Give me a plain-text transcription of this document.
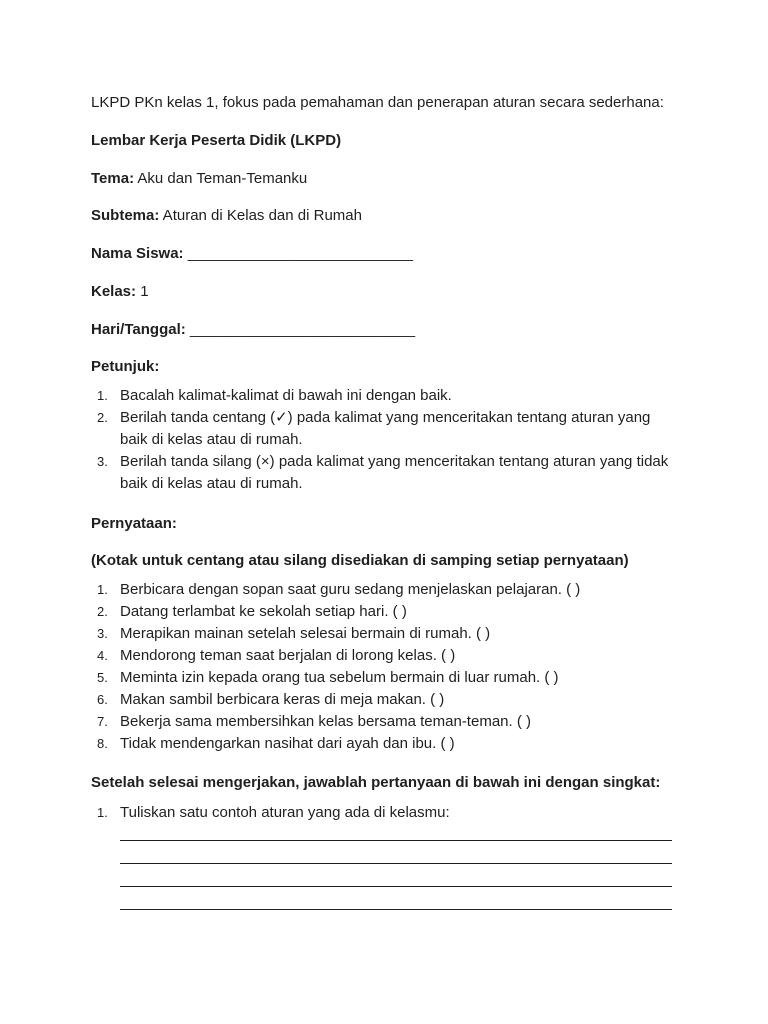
LKPD PKn kelas 1, fokus pada pemahaman dan penerapan aturan secara sederhana:

Lembar Kerja Peserta Didik (LKPD)

Tema: Aku dan Teman-Temanku

Subtema: Aturan di Kelas dan di Rumah

Nama Siswa: ___________________________

Kelas: 1

Hari/Tanggal: ___________________________

Petunjuk:

1. Bacalah kalimat-kalimat di bawah ini dengan baik.
2. Berilah tanda centang (✓) pada kalimat yang menceritakan tentang aturan yang baik di kelas atau di rumah.
3. Berilah tanda silang (×) pada kalimat yang menceritakan tentang aturan yang tidak baik di kelas atau di rumah.

Pernyataan:

(Kotak untuk centang atau silang disediakan di samping setiap pernyataan)

1. Berbicara dengan sopan saat guru sedang menjelaskan pelajaran. ( )
2. Datang terlambat ke sekolah setiap hari. ( )
3. Merapikan mainan setelah selesai bermain di rumah. ( )
4. Mendorong teman saat berjalan di lorong kelas. ( )
5. Meminta izin kepada orang tua sebelum bermain di luar rumah. ( )
6. Makan sambil berbicara keras di meja makan. ( )
7. Bekerja sama membersihkan kelas bersama teman-teman. ( )
8. Tidak mendengarkan nasihat dari ayah dan ibu. ( )

Setelah selesai mengerjakan, jawablah pertanyaan di bawah ini dengan singkat:

1. Tuliskan satu contoh aturan yang ada di kelasmu:
